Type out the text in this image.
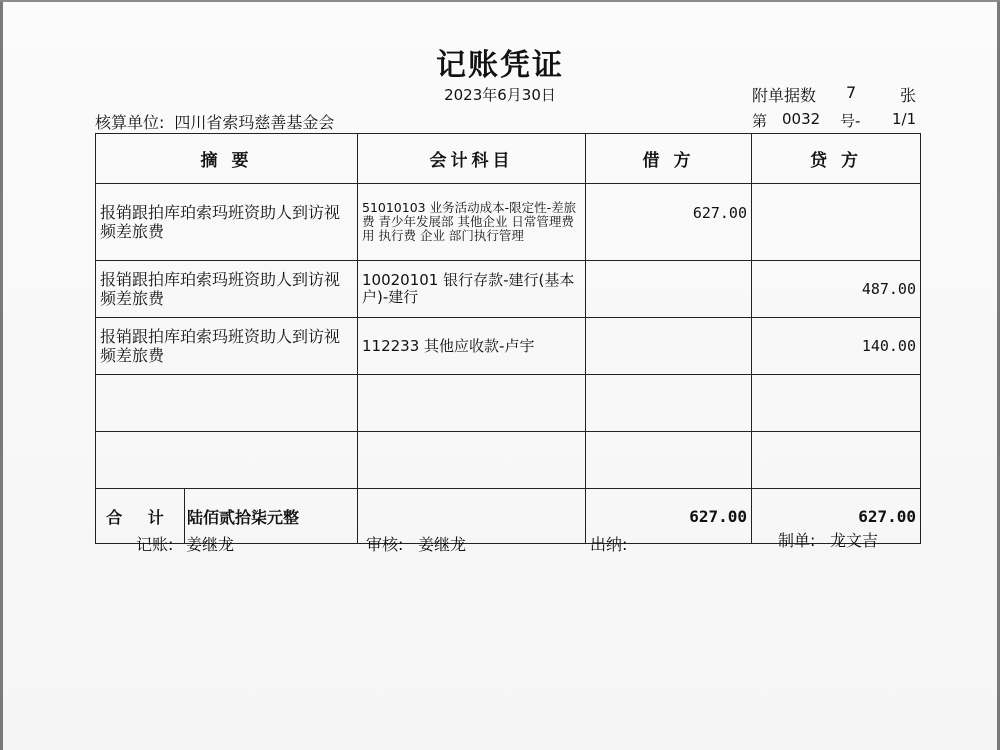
记账凭证
2023年6月30日	附单据数 7	张
核算单位: 四川省索玛慈善基金会	第 0032 号- 1/1
摘 要	会计科目	借 方	贷 方
报销跟拍库珀索玛班资助人到访视频差旅费	51010103 业务活动成本-限定性-差旅费 青少年发展部 其他企业 日常管理费用 执行费 企业 部门执行管理	627.00	
报销跟拍库珀索玛班资助人到访视频差旅费	10020101 银行存款-建行(基本户)-建行		487.00
报销跟拍库珀索玛班资助人到访视频差旅费	112233 其他应收款-卢宇		140.00

合 计 陆佰贰拾柒元整		627.00	627.00
记账: 姜继龙	审核: 姜继龙	出纳:	制单: 龙文吉
